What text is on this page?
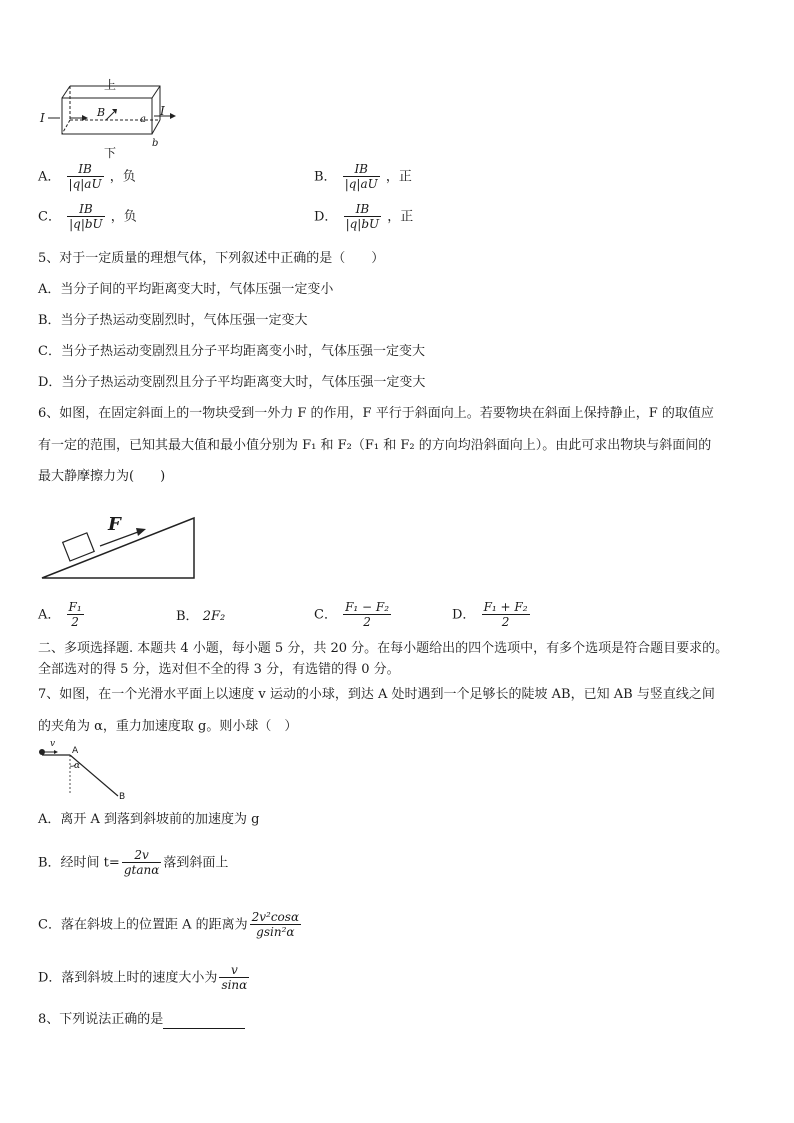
上
I	I
B
a
b
下
A． $\frac{IB}{|q|aU}$ ，负	B． $\frac{IB}{|q|aU}$ ，正
C． $\frac{IB}{|q|bU}$ ，负	D． $\frac{IB}{|q|bU}$ ，正
5、对于一定质量的理想气体，下列叙述中正确的是（　　）
A．当分子间的平均距离变大时，气体压强一定变小
B．当分子热运动变剧烈时，气体压强一定变大
C．当分子热运动变剧烈且分子平均距离变小时，气体压强一定变大
D．当分子热运动变剧烈且分子平均距离变大时，气体压强一定变大
6、如图，在固定斜面上的一物块受到一外力 F 的作用，F 平行于斜面向上。若要物块在斜面上保持静止，F 的取值应
有一定的范围，已知其最大值和最小值分别为 F₁ 和 F₂（F₁ 和 F₂ 的方向均沿斜面向上）。由此可求出物块与斜面间的
最大静摩擦力为(　　)
F
A． $\frac{\text{F₁}}{2}$	B． 2F₂	C． $\frac{\text{F₁ − F₂}}{2}$	D． $\frac{\text{F₁ + F₂}}{2}$
二、多项选择题. 本题共 4 小题，每小题 5 分，共 20 分。在每小题给出的四个选项中，有多个选项是符合题目要求的。
全部选对的得 5 分，选对但不全的得 3 分，有选错的得 0 分。
7、如图，在一个光滑水平面上以速度 v 运动的小球，到达 A 处时遇到一个足够长的陡坡 AB，已知 AB 与竖直线之间
的夹角为 α，重力加速度取 g。则小球（　）
v
A
α
B
A．离开 A 到落到斜坡前的加速度为 g
B．经时间 $t= \frac{2v}{gtan\alpha}$ 落到斜面上
C．落在斜坡上的位置距 A 的距离为 $\frac{\text{2v²cosα}}{\text{gsin²α}}$
D．落到斜坡上时的速度大小为 $\frac{v}{\sin\alpha}$
8、下列说法正确的是
